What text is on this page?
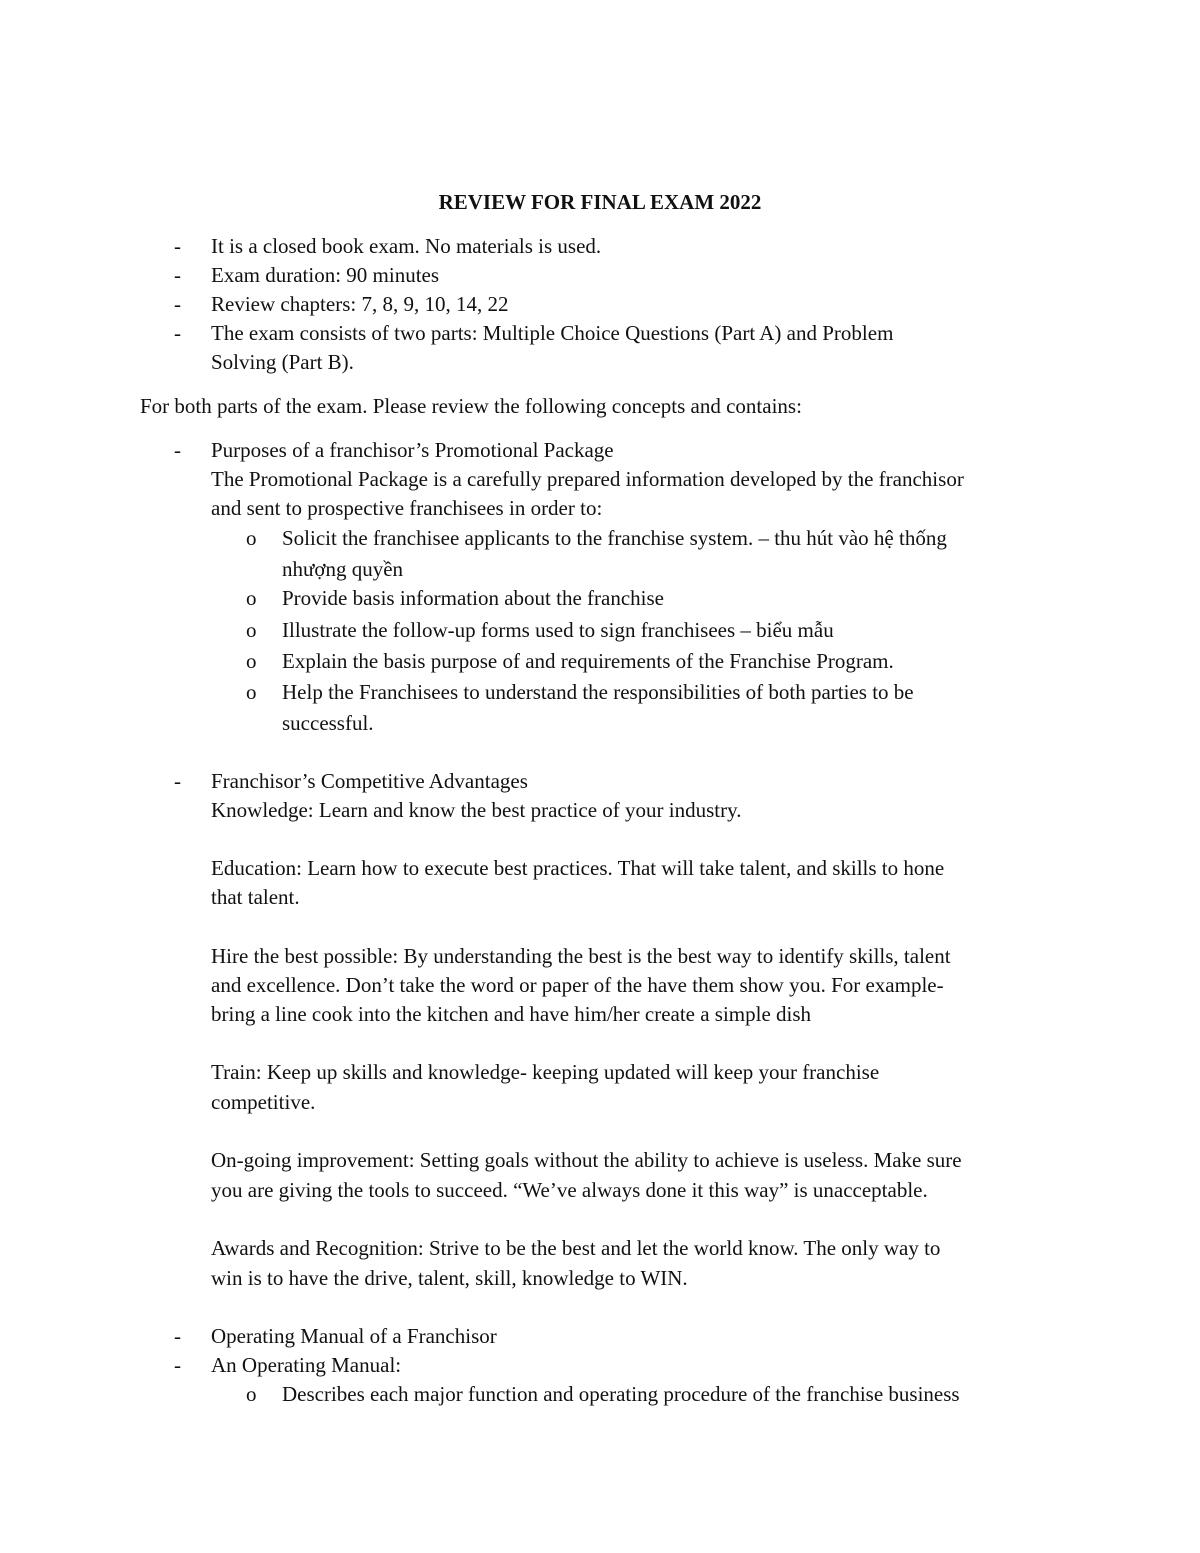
REVIEW FOR FINAL EXAM 2022
- It is a closed book exam. No materials is used.
- Exam duration: 90 minutes
- Review chapters: 7, 8, 9, 10, 14, 22
- The exam consists of two parts: Multiple Choice Questions (Part A) and Problem
Solving (Part B).
For both parts of the exam. Please review the following concepts and contains:
- Purposes of a franchisor’s Promotional Package
The Promotional Package is a carefully prepared information developed by the franchisor
and sent to prospective franchisees in order to:
o Solicit the franchisee applicants to the franchise system. – thu hút vào hệ thống
nhượng quyền
o Provide basis information about the franchise
o Illustrate the follow-up forms used to sign franchisees – biểu mẫu
o Explain the basis purpose of and requirements of the Franchise Program.
o Help the Franchisees to understand the responsibilities of both parties to be
successful.
- Franchisor’s Competitive Advantages
Knowledge: Learn and know the best practice of your industry.
Education: Learn how to execute best practices. That will take talent, and skills to hone
that talent.
Hire the best possible: By understanding the best is the best way to identify skills, talent
and excellence. Don’t take the word or paper of the have them show you. For example-
bring a line cook into the kitchen and have him/her create a simple dish
Train: Keep up skills and knowledge- keeping updated will keep your franchise
competitive.
On-going improvement: Setting goals without the ability to achieve is useless. Make sure
you are giving the tools to succeed. “We’ve always done it this way” is unacceptable.
Awards and Recognition: Strive to be the best and let the world know. The only way to
win is to have the drive, talent, skill, knowledge to WIN.
- Operating Manual of a Franchisor
- An Operating Manual:
o Describes each major function and operating procedure of the franchise business
